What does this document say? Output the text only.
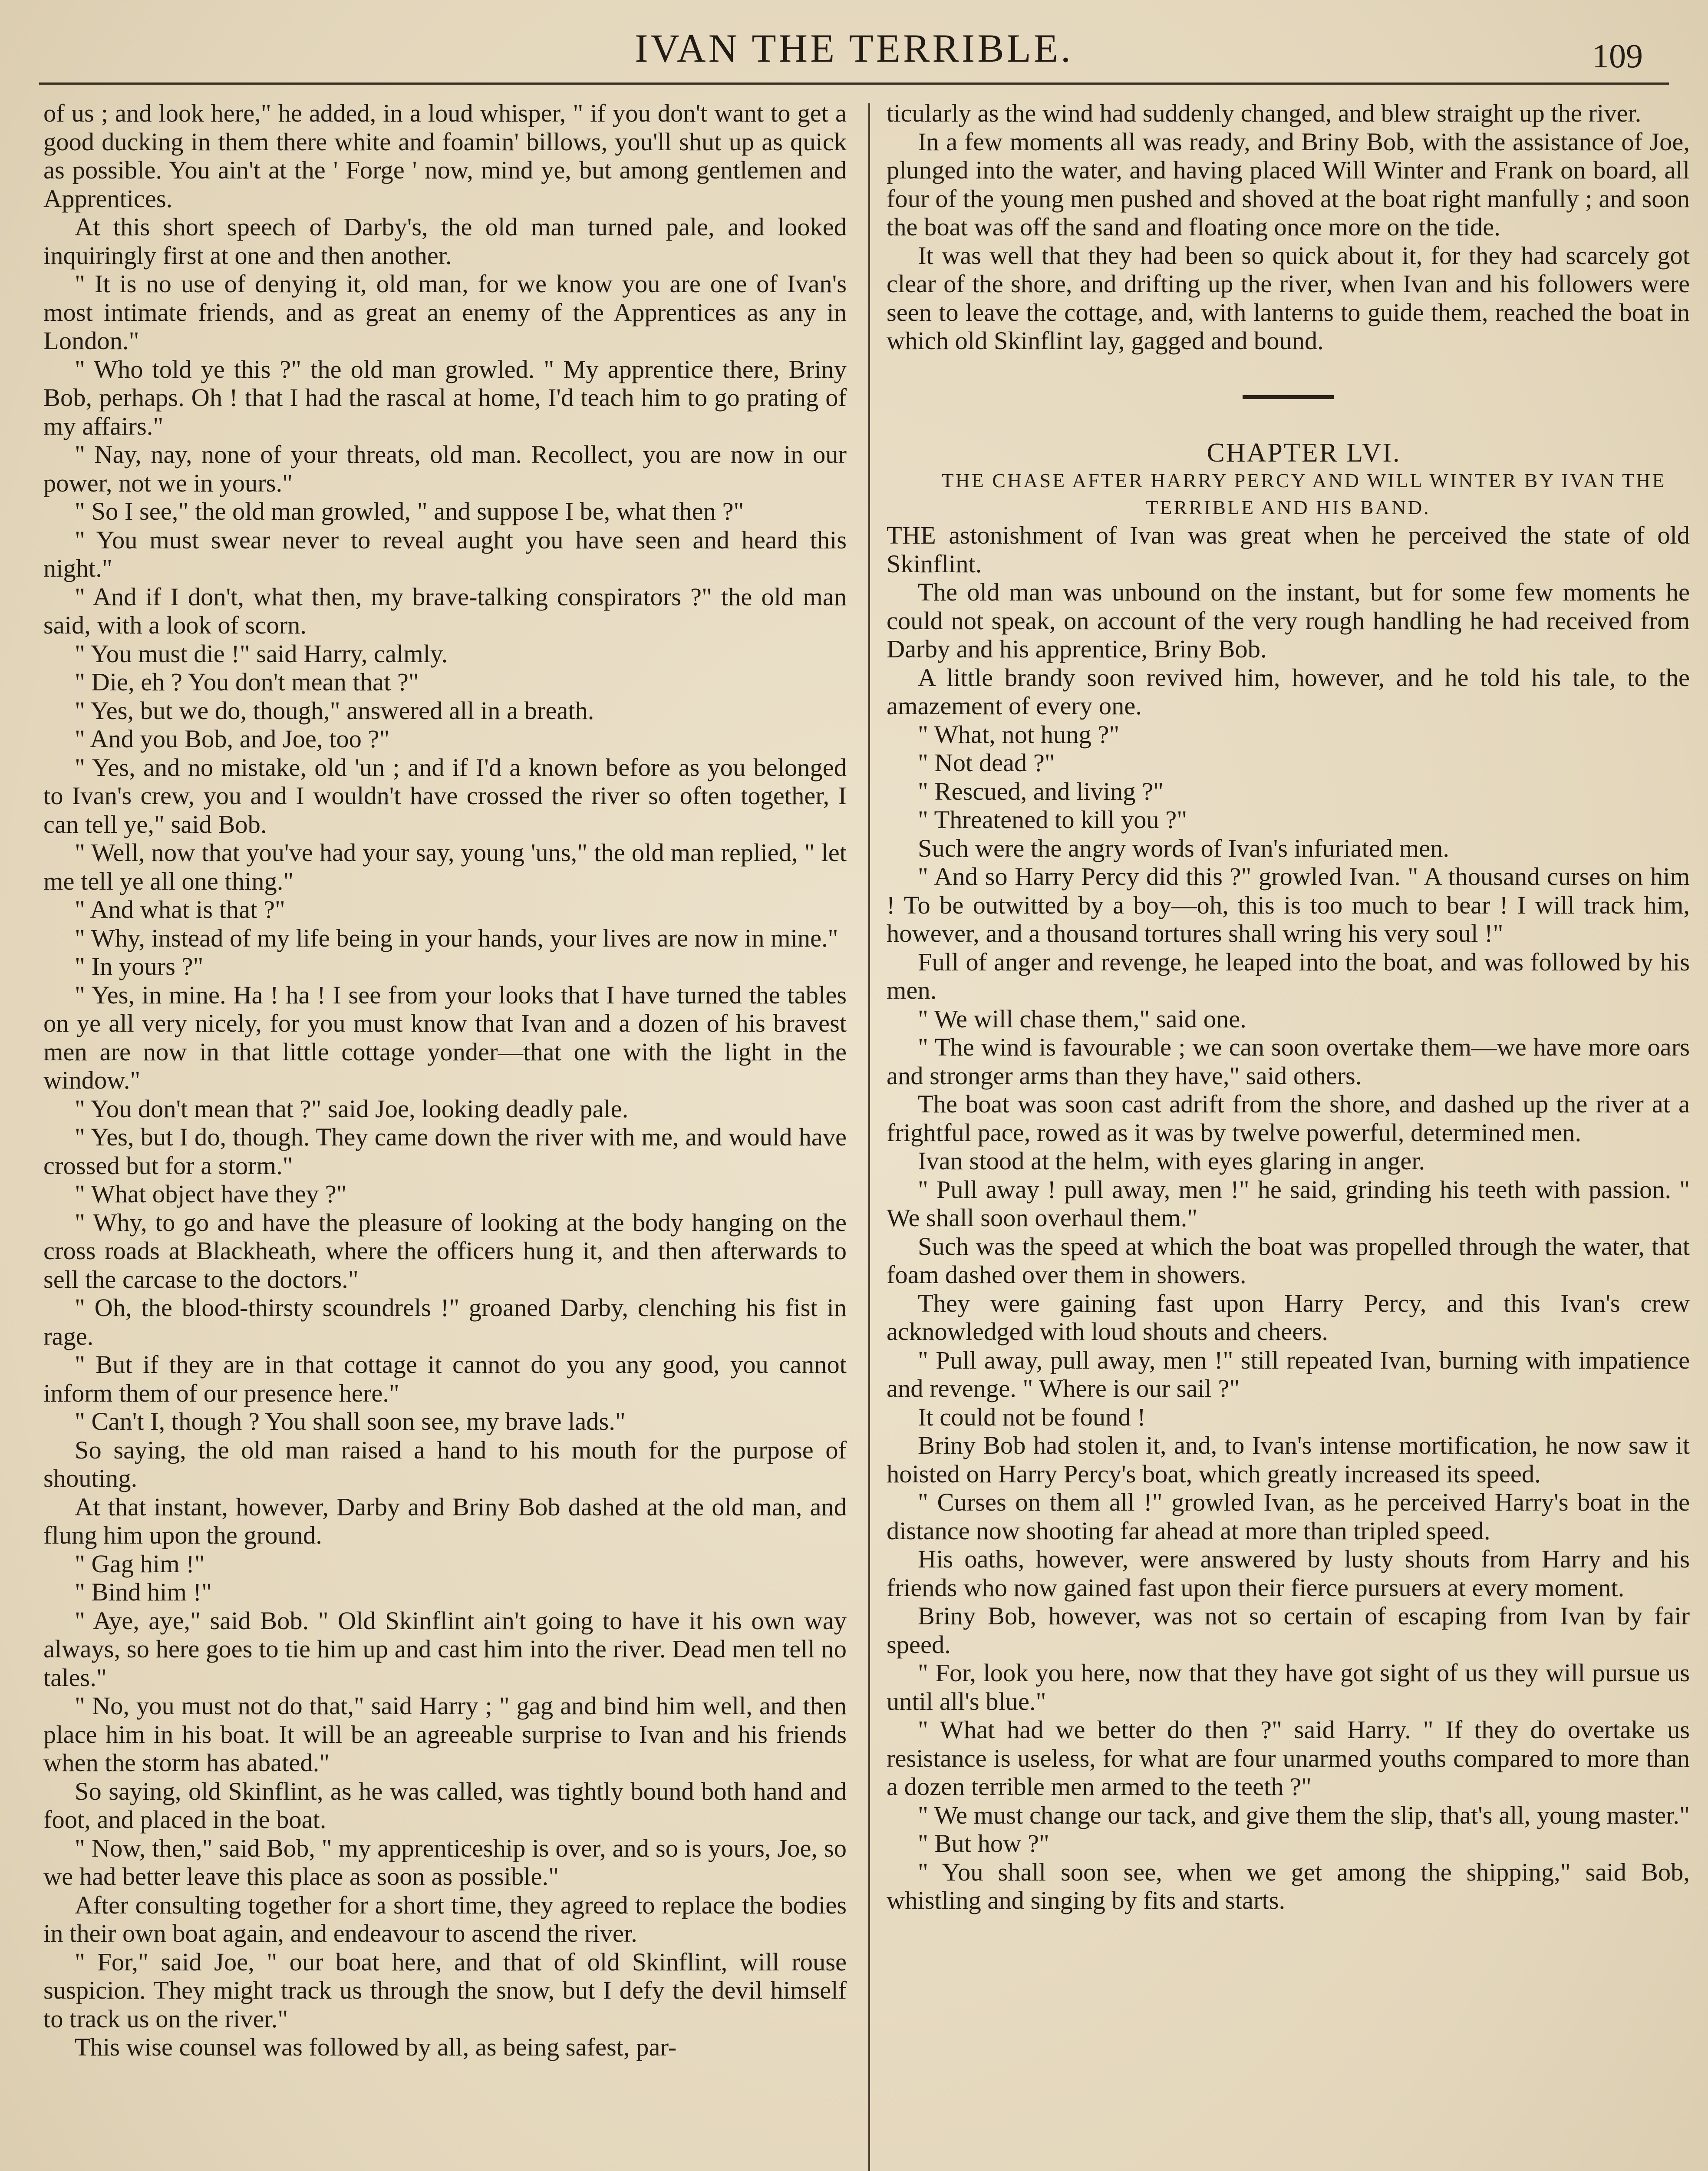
IVAN THE TERRIBLE.	109

of us ; and look here," he added, in a loud whisper, " if you don't want to get a good ducking in them there white and foamin' billows, you'll shut up as quick as possible. You ain't at the ' Forge ' now, mind ye, but among gentlemen and Apprentices.

At this short speech of Darby's, the old man turned pale, and looked inquiringly first at one and then another.

" It is no use of denying it, old man, for we know you are one of Ivan's most intimate friends, and as great an enemy of the Apprentices as any in London."

" Who told ye this ?" the old man growled. " My apprentice there, Briny Bob, perhaps. Oh ! that I had the rascal at home, I'd teach him to go prating of my affairs."

" Nay, nay, none of your threats, old man. Recollect, you are now in our power, not we in yours."

" So I see," the old man growled, " and suppose I be, what then ?"

" You must swear never to reveal aught you have seen and heard this night."

" And if I don't, what then, my brave-talking conspirators ?" the old man said, with a look of scorn.

" You must die !" said Harry, calmly.

" Die, eh ? You don't mean that ?"

" Yes, but we do, though," answered all in a breath.

" And you Bob, and Joe, too ?"

" Yes, and no mistake, old 'un ; and if I'd a known before as you belonged to Ivan's crew, you and I wouldn't have crossed the river so often together, I can tell ye," said Bob.

" Well, now that you've had your say, young 'uns," the old man replied, " let me tell ye all one thing."

" And what is that ?"

" Why, instead of my life being in your hands, your lives are now in mine."

" In yours ?"

" Yes, in mine. Ha ! ha ! I see from your looks that I have turned the tables on ye all very nicely, for you must know that Ivan and a dozen of his bravest men are now in that little cottage yonder—that one with the light in the window."

" You don't mean that ?" said Joe, looking deadly pale.

" Yes, but I do, though. They came down the river with me, and would have crossed but for a storm."

" What object have they ?"

" Why, to go and have the pleasure of looking at the body hanging on the cross roads at Blackheath, where the officers hung it, and then afterwards to sell the carcase to the doctors."

" Oh, the blood-thirsty scoundrels !" groaned Darby, clenching his fist in rage.

" But if they are in that cottage it cannot do you any good, you cannot inform them of our presence here."

" Can't I, though ? You shall soon see, my brave lads."

So saying, the old man raised a hand to his mouth for the purpose of shouting.

At that instant, however, Darby and Briny Bob dashed at the old man, and flung him upon the ground.

" Gag him !"

" Bind him !"

" Aye, aye," said Bob. " Old Skinflint ain't going to have it his own way always, so here goes to tie him up and cast him into the river. Dead men tell no tales."

" No, you must not do that," said Harry ; " gag and bind him well, and then place him in his boat. It will be an agreeable surprise to Ivan and his friends when the storm has abated."

So saying, old Skinflint, as he was called, was tightly bound both hand and foot, and placed in the boat.

" Now, then," said Bob, " my apprenticeship is over, and so is yours, Joe, so we had better leave this place as soon as possible."

After consulting together for a short time, they agreed to replace the bodies in their own boat again, and endeavour to ascend the river.

" For," said Joe, " our boat here, and that of old Skinflint, will rouse suspicion. They might track us through the snow, but I defy the devil himself to track us on the river."

This wise counsel was followed by all, as being safest, par-

ticularly as the wind had suddenly changed, and blew straight up the river.

In a few moments all was ready, and Briny Bob, with the assistance of Joe, plunged into the water, and having placed Will Winter and Frank on board, all four of the young men pushed and shoved at the boat right manfully ; and soon the boat was off the sand and floating once more on the tide.

It was well that they had been so quick about it, for they had scarcely got clear of the shore, and drifting up the river, when Ivan and his followers were seen to leave the cottage, and, with lanterns to guide them, reached the boat in which old Skinflint lay, gagged and bound.

CHAPTER LVI.

THE CHASE AFTER HARRY PERCY AND WILL WINTER BY IVAN THE TERRIBLE AND HIS BAND.

THE astonishment of Ivan was great when he perceived the state of old Skinflint.

The old man was unbound on the instant, but for some few moments he could not speak, on account of the very rough handling he had received from Darby and his apprentice, Briny Bob.

A little brandy soon revived him, however, and he told his tale, to the amazement of every one.

" What, not hung ?"

" Not dead ?"

" Rescued, and living ?"

" Threatened to kill you ?"

Such were the angry words of Ivan's infuriated men.

" And so Harry Percy did this ?" growled Ivan. " A thousand curses on him ! To be outwitted by a boy—oh, this is too much to bear ! I will track him, however, and a thousand tortures shall wring his very soul !"

Full of anger and revenge, he leaped into the boat, and was followed by his men.

" We will chase them," said one.

" The wind is favourable ; we can soon overtake them—we have more oars and stronger arms than they have," said others.

The boat was soon cast adrift from the shore, and dashed up the river at a frightful pace, rowed as it was by twelve powerful, determined men.

Ivan stood at the helm, with eyes glaring in anger.

" Pull away ! pull away, men !" he said, grinding his teeth with passion. " We shall soon overhaul them."

Such was the speed at which the boat was propelled through the water, that foam dashed over them in showers.

They were gaining fast upon Harry Percy, and this Ivan's crew acknowledged with loud shouts and cheers.

" Pull away, pull away, men !" still repeated Ivan, burning with impatience and revenge. " Where is our sail ?"

It could not be found !

Briny Bob had stolen it, and, to Ivan's intense mortification, he now saw it hoisted on Harry Percy's boat, which greatly increased its speed.

" Curses on them all !" growled Ivan, as he perceived Harry's boat in the distance now shooting far ahead at more than tripled speed.

His oaths, however, were answered by lusty shouts from Harry and his friends who now gained fast upon their fierce pursuers at every moment.

Briny Bob, however, was not so certain of escaping from Ivan by fair speed.

" For, look you here, now that they have got sight of us they will pursue us until all's blue."

" What had we better do then ?" said Harry. " If they do overtake us resistance is useless, for what are four unarmed youths compared to more than a dozen terrible men armed to the teeth ?"

" We must change our tack, and give them the slip, that's all, young master."

" But how ?"

" You shall soon see, when we get among the shipping," said Bob, whistling and singing by fits and starts.
